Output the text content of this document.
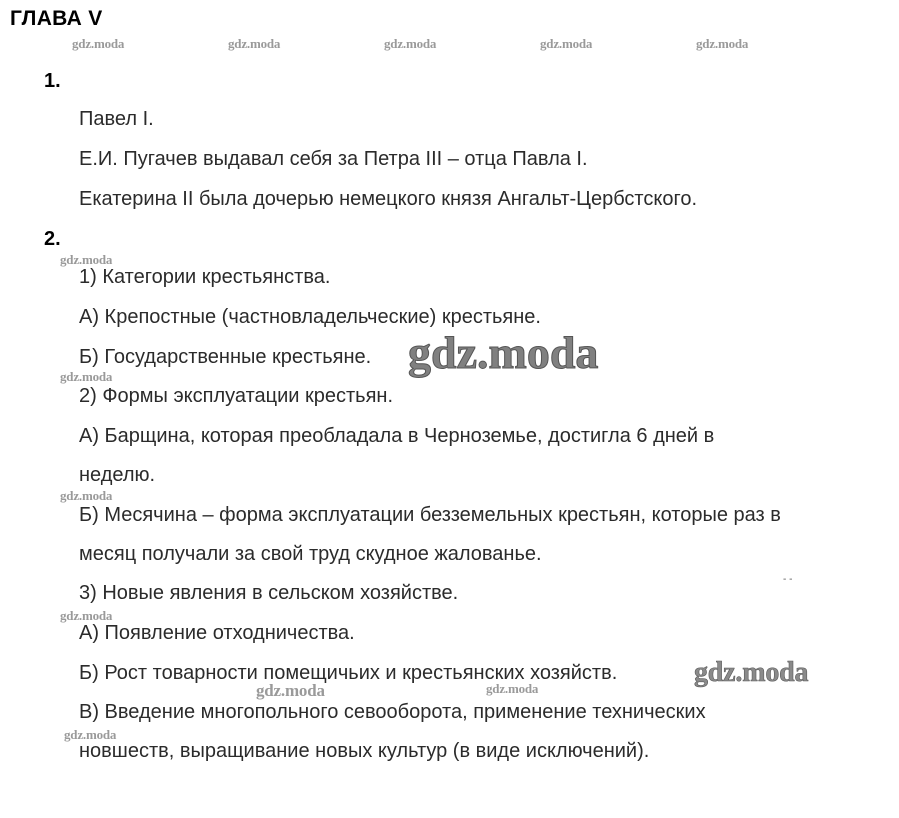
ГЛАВА V
gdz.moda	gdz.moda	gdz.moda	gdz.moda	gdz.moda
1.
Павел I.
Е.И. Пугачев выдавал себя за Петра III – отца Павла I.
Екатерина II была дочерью немецкого князя Ангальт-Цербстского.
2.
gdz.moda
1) Категории крестьянства.
А) Крепостные (частновладельческие) крестьяне.
Б) Государственные крестьяне. gdz.moda
gdz.moda
2) Формы эксплуатации крестьян.
А) Барщина, которая преобладала в Черноземье, достигла 6 дней в
неделю.
gdz.moda
Б) Месячина – форма эксплуатации безземельных крестьян, которые раз в
месяц получали за свой труд скудное жалованье.
3) Новые явления в сельском хозяйстве.
- -
gdz.moda
А) Появление отходничества.
Б) Рост товарности помещичьих и крестьянских хозяйств.	gdz.moda
gdz.moda	gdz.moda
В) Введение многопольного севооборота, применение технических
gdz.moda
новшеств, выращивание новых культур (в виде исключений).
